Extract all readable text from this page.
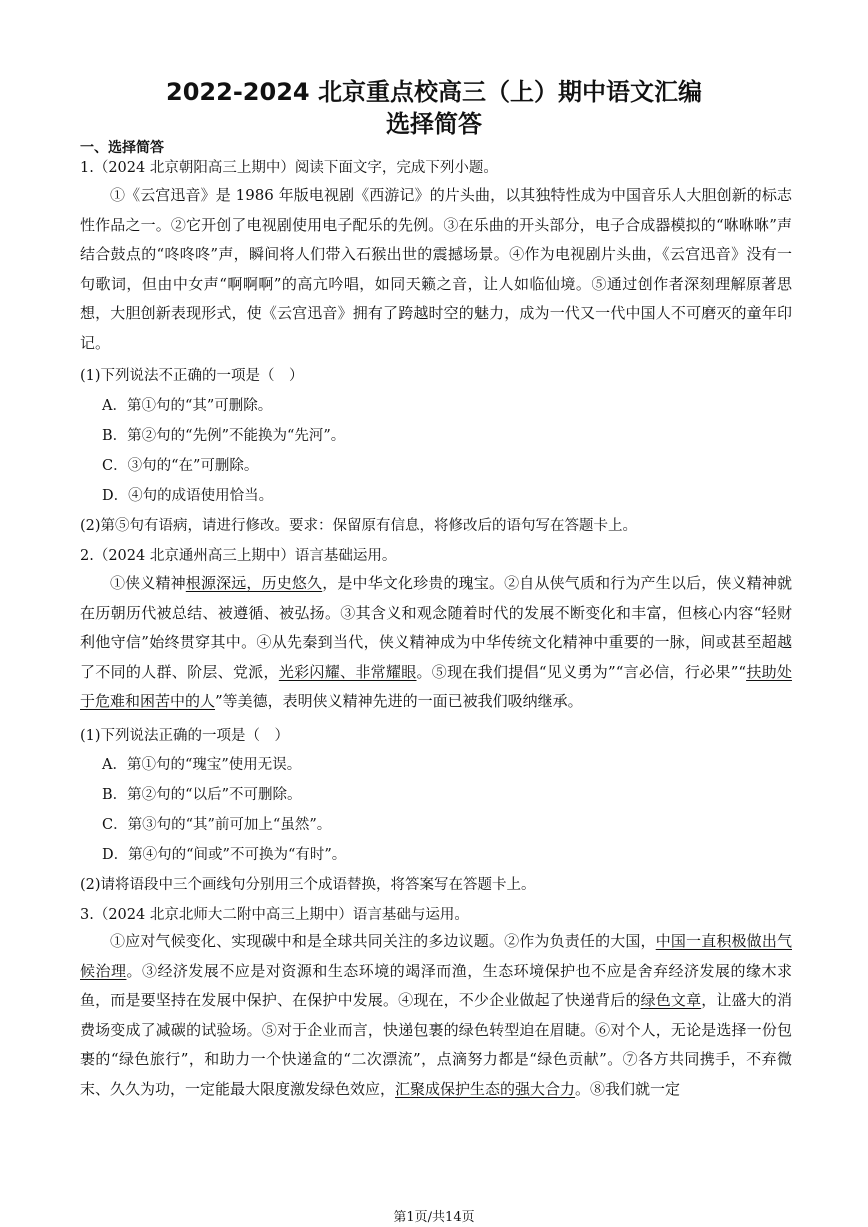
2022-2024 北京重点校高三（上）期中语文汇编
选择简答
一、选择简答
1.（2024 北京朝阳高三上期中）阅读下面文字，完成下列小题。
①《云宫迅音》是 1986 年版电视剧《西游记》的片头曲，以其独特性成为中国音乐人大胆创新的标志性作品之一。②它开创了电视剧使用电子配乐的先例。③在乐曲的开头部分，电子合成器模拟的“咻咻咻”声结合鼓点的“咚咚咚”声，瞬间将人们带入石猴出世的震撼场景。④作为电视剧片头曲，《云宫迅音》没有一句歌词，但由中女声“啊啊啊”的高亢吟唱，如同天籁之音，让人如临仙境。⑤通过创作者深刻理解原著思想，大胆创新表现形式，使《云宫迅音》拥有了跨越时空的魅力，成为一代又一代中国人不可磨灭的童年印记。
(1)下列说法不正确的一项是（　）
A．第①句的“其”可删除。
B．第②句的“先例”不能换为“先河”。
C．③句的“在”可删除。
D．④句的成语使用恰当。
(2)第⑤句有语病，请进行修改。要求：保留原有信息，将修改后的语句写在答题卡上。
2.（2024 北京通州高三上期中）语言基础运用。
①侠义精神根源深远，历史悠久，是中华文化珍贵的瑰宝。②自从侠气质和行为产生以后，侠义精神就在历朝历代被总结、被遵循、被弘扬。③其含义和观念随着时代的发展不断变化和丰富，但核心内容“轻财利他守信”始终贯穿其中。④从先秦到当代，侠义精神成为中华传统文化精神中重要的一脉，间或甚至超越了不同的人群、阶层、党派，光彩闪耀、非常耀眼。⑤现在我们提倡“见义勇为”“言必信，行必果”“扶助处于危难和困苦中的人”等美德，表明侠义精神先进的一面已被我们吸纳继承。
(1)下列说法正确的一项是（　）
A．第①句的“瑰宝”使用无误。
B．第②句的“以后”不可删除。
C．第③句的“其”前可加上“虽然”。
D．第④句的“间或”不可换为“有时”。
(2)请将语段中三个画线句分别用三个成语替换，将答案写在答题卡上。
3.（2024 北京北师大二附中高三上期中）语言基础与运用。
①应对气候变化、实现碳中和是全球共同关注的多边议题。②作为负责任的大国，中国一直积极做出气候治理。③经济发展不应是对资源和生态环境的竭泽而渔，生态环境保护也不应是舍弃经济发展的缘木求鱼，而是要坚持在发展中保护、在保护中发展。④现在，不少企业做起了快递背后的绿色文章，让盛大的消费场变成了减碳的试验场。⑤对于企业而言，快递包裹的绿色转型迫在眉睫。⑥对个人，无论是选择一份包裹的“绿色旅行”，和助力一个快递盒的“二次漂流”，点滴努力都是“绿色贡献”。⑦各方共同携手，不弃微末、久久为功，一定能最大限度激发绿色效应，汇聚成保护生态的强大合力。⑧我们就一定
第1页/共14页
